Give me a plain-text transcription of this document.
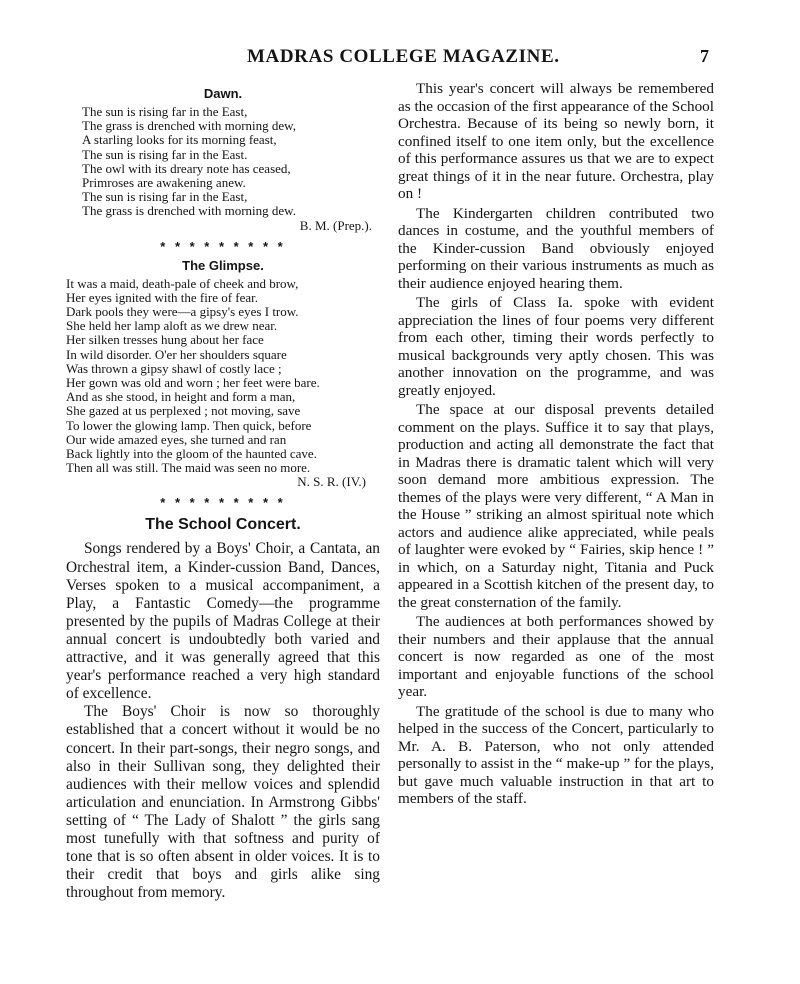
MADRAS COLLEGE MAGAZINE.	7
Dawn.

The sun is rising far in the East,

The grass is drenched with morning dew,

A starling looks for its morning feast,

The sun is rising far in the East.

The owl with its dreary note has ceased,

Primroses are awakening anew.

The sun is rising far in the East,

The grass is drenched with morning dew.

B. M. (Prep.).
* * * * * * * * *
The Glimpse.

It was a maid, death-pale of cheek and brow,

Her eyes ignited with the fire of fear.

Dark pools they were—a gipsy's eyes I trow.

She held her lamp aloft as we drew near.

Her silken tresses hung about her face

In wild disorder. O'er her shoulders square

Was thrown a gipsy shawl of costly lace ;

Her gown was old and worn ; her feet were bare.

And as she stood, in height and form a man,

She gazed at us perplexed ; not moving, save

To lower the glowing lamp. Then quick, before

Our wide amazed eyes, she turned and ran

Back lightly into the gloom of the haunted cave.

Then all was still. The maid was seen no more.

N. S. R. (IV.)
* * * * * * * * *
The School Concert.

Songs rendered by a Boys' Choir, a Cantata, an Orchestral item, a Kinder-cussion Band, Dances, Verses spoken to a musical accompaniment, a Play, a Fantastic Comedy—the programme presented by the pupils of Madras College at their annual concert is undoubtedly both varied and attractive, and it was generally agreed that this year's performance reached a very high standard of excellence.

The Boys' Choir is now so thoroughly established that a concert without it would be no concert. In their part-songs, their negro songs, and also in their Sullivan song, they delighted their audiences with their mellow voices and splendid articulation and enunciation. In Armstrong Gibbs' setting of “ The Lady of Shalott ” the girls sang most tunefully with that softness and purity of tone that is so often absent in older voices. It is to their credit that boys and girls alike sing throughout from memory.

This year's concert will always be remembered as the occasion of the first appearance of the School Orchestra. Because of its being so newly born, it confined itself to one item only, but the excellence of this performance assures us that we are to expect great things of it in the near future. Orchestra, play on !

The Kindergarten children contributed two dances in costume, and the youthful members of the Kinder-cussion Band obviously enjoyed performing on their various instruments as much as their audience enjoyed hearing them.

The girls of Class Ia. spoke with evident appreciation the lines of four poems very different from each other, timing their words perfectly to musical backgrounds very aptly chosen. This was another innovation on the programme, and was greatly enjoyed.

The space at our disposal prevents detailed comment on the plays. Suffice it to say that plays, production and acting all demonstrate the fact that in Madras there is dramatic talent which will very soon demand more ambitious expression. The themes of the plays were very different, “ A Man in the House ” striking an almost spiritual note which actors and audience alike appreciated, while peals of laughter were evoked by “ Fairies, skip hence ! ” in which, on a Saturday night, Titania and Puck appeared in a Scottish kitchen of the present day, to the great consternation of the family.

The audiences at both performances showed by their numbers and their applause that the annual concert is now regarded as one of the most important and enjoyable functions of the school year.

The gratitude of the school is due to many who helped in the success of the Concert, particularly to Mr. A. B. Paterson, who not only attended personally to assist in the “ make-up ” for the plays, but gave much valuable instruction in that art to members of the staff.
